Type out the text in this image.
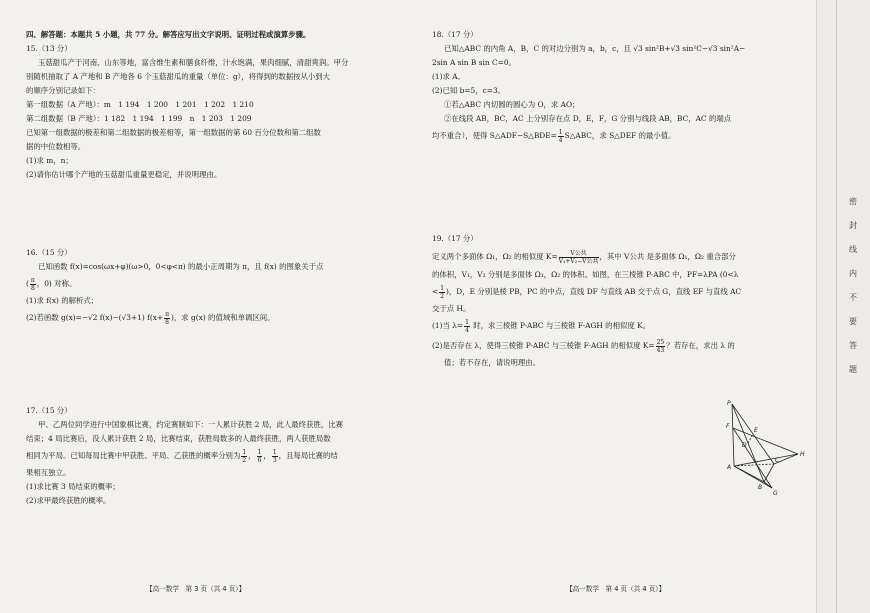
四、解答题：本题共 5 小题，共 77 分。解答应写出文字说明、证明过程或演算步骤。
15.（13 分）
玉菇甜瓜产于河南、山东等地，富含维生素和膳食纤维，汁水饱满，果肉细腻，清甜爽润。甲分
别随机抽取了 A 产地和 B 产地各 6 个玉菇甜瓜的重量（单位：g），将得到的数据按从小到大
的顺序分别记录如下：
第一组数据（A 产地）：m　1 194　1 200　1 201　1 202　1 210
第二组数据（B 产地）：1 182　1 194　1 199　n　1 203　1 209
已知第一组数据的极差和第二组数据的极差相等，第一组数据的第 60 百分位数和第二组数
据的中位数相等。
(1)求 m，n；
(2)请你估计哪个产地的玉菇甜瓜重量更稳定，并说明理由。
16.（15 分）
已知函数 f(x)=cos(ωx+φ)(ω>0，0<φ<π) 的最小正周期为 π，且 f(x) 的图象关于点
( $\frac{\pi}{8}$ ，0) 对称。
(1)求 f(x) 的解析式；
(2)若函数 g(x)=−√2 f(x)−(√3+1) $f(x+ \frac{\pi}{8}$ )，求 g(x) 的值域和单调区间。
17.（15 分）
甲、乙两位同学进行中国象棋比赛，约定赛制如下：一人累计获胜 2 局，此人最终获胜，比赛
结束；4 局比赛后，没人累计获胜 2 局，比赛结束，获胜局数多的人最终获胜，两人获胜局数
相同为平局。已知每局比赛中甲获胜、平局、乙获胜的概率分别为 $\frac{1}{2}$ ， $\frac{1}{6}$ ， $\frac{1}{3}$ ，且每局比赛的结
果相互独立。
(1)求比赛 3 局结束的概率；
(2)求甲最终获胜的概率。
18.（17 分）
已知△ABC 的内角 A，B，C 的对边分别为 a，b，c，且 √3 sin²B+√3 sin²C−√3 sin²A−
2sin A sin B sin C=0。
(1)求 A。
(2)已知 b=5，c=3。
①若△ABC 内切圆的圆心为 O，求 AO；
②在线段 AB，BC，AC 上分别存在点 D，E，F，G 分别与线段 AB，BC，AC 的端点
均不重合），使得 S△ADF−S△BDE= $\frac{1}{4}$ S△ABC，求 S△DEF 的最小值。
19.（17 分）
定义两个多面体 Ω₁，Ω₂ 的相似度 $K= \frac{\text{V公共}}{\text{V₁+V₂−V公共}}$ ，其中 V公共 是多面体 Ω₁，Ω₂ 重合部分
的体积，V₁，V₂ 分别是多面体 Ω₁，Ω₂ 的体积。如图，在三棱锥 P-ABC 中，PF=λPA (0<λ
< $\frac{1}{2}$ )，D，E 分别是棱 PB，PC 的中点，直线 DF 与直线 AB 交于点 G，直线 EF 与直线 AC
交于点 H。
(1)当 $\lambda= \frac{1}{4}$ 时，求三棱锥 P-ABC 与三棱锥 F-AGH 的相似度 K。
(2)是否存在 λ，使得三棱锥 P-ABC 与三棱锥 F-AGH 的相似度 $K= \frac{25}{43}$ ？若存在，求出 λ 的
值；若不存在，请说明理由。
P
F
E
D
A
B
C
H
G
【高一数学　第 3 页（共 4 页）】	【高一数学　第 4 页（共 4 页）】
密
封
线
内
不
要
答
题
